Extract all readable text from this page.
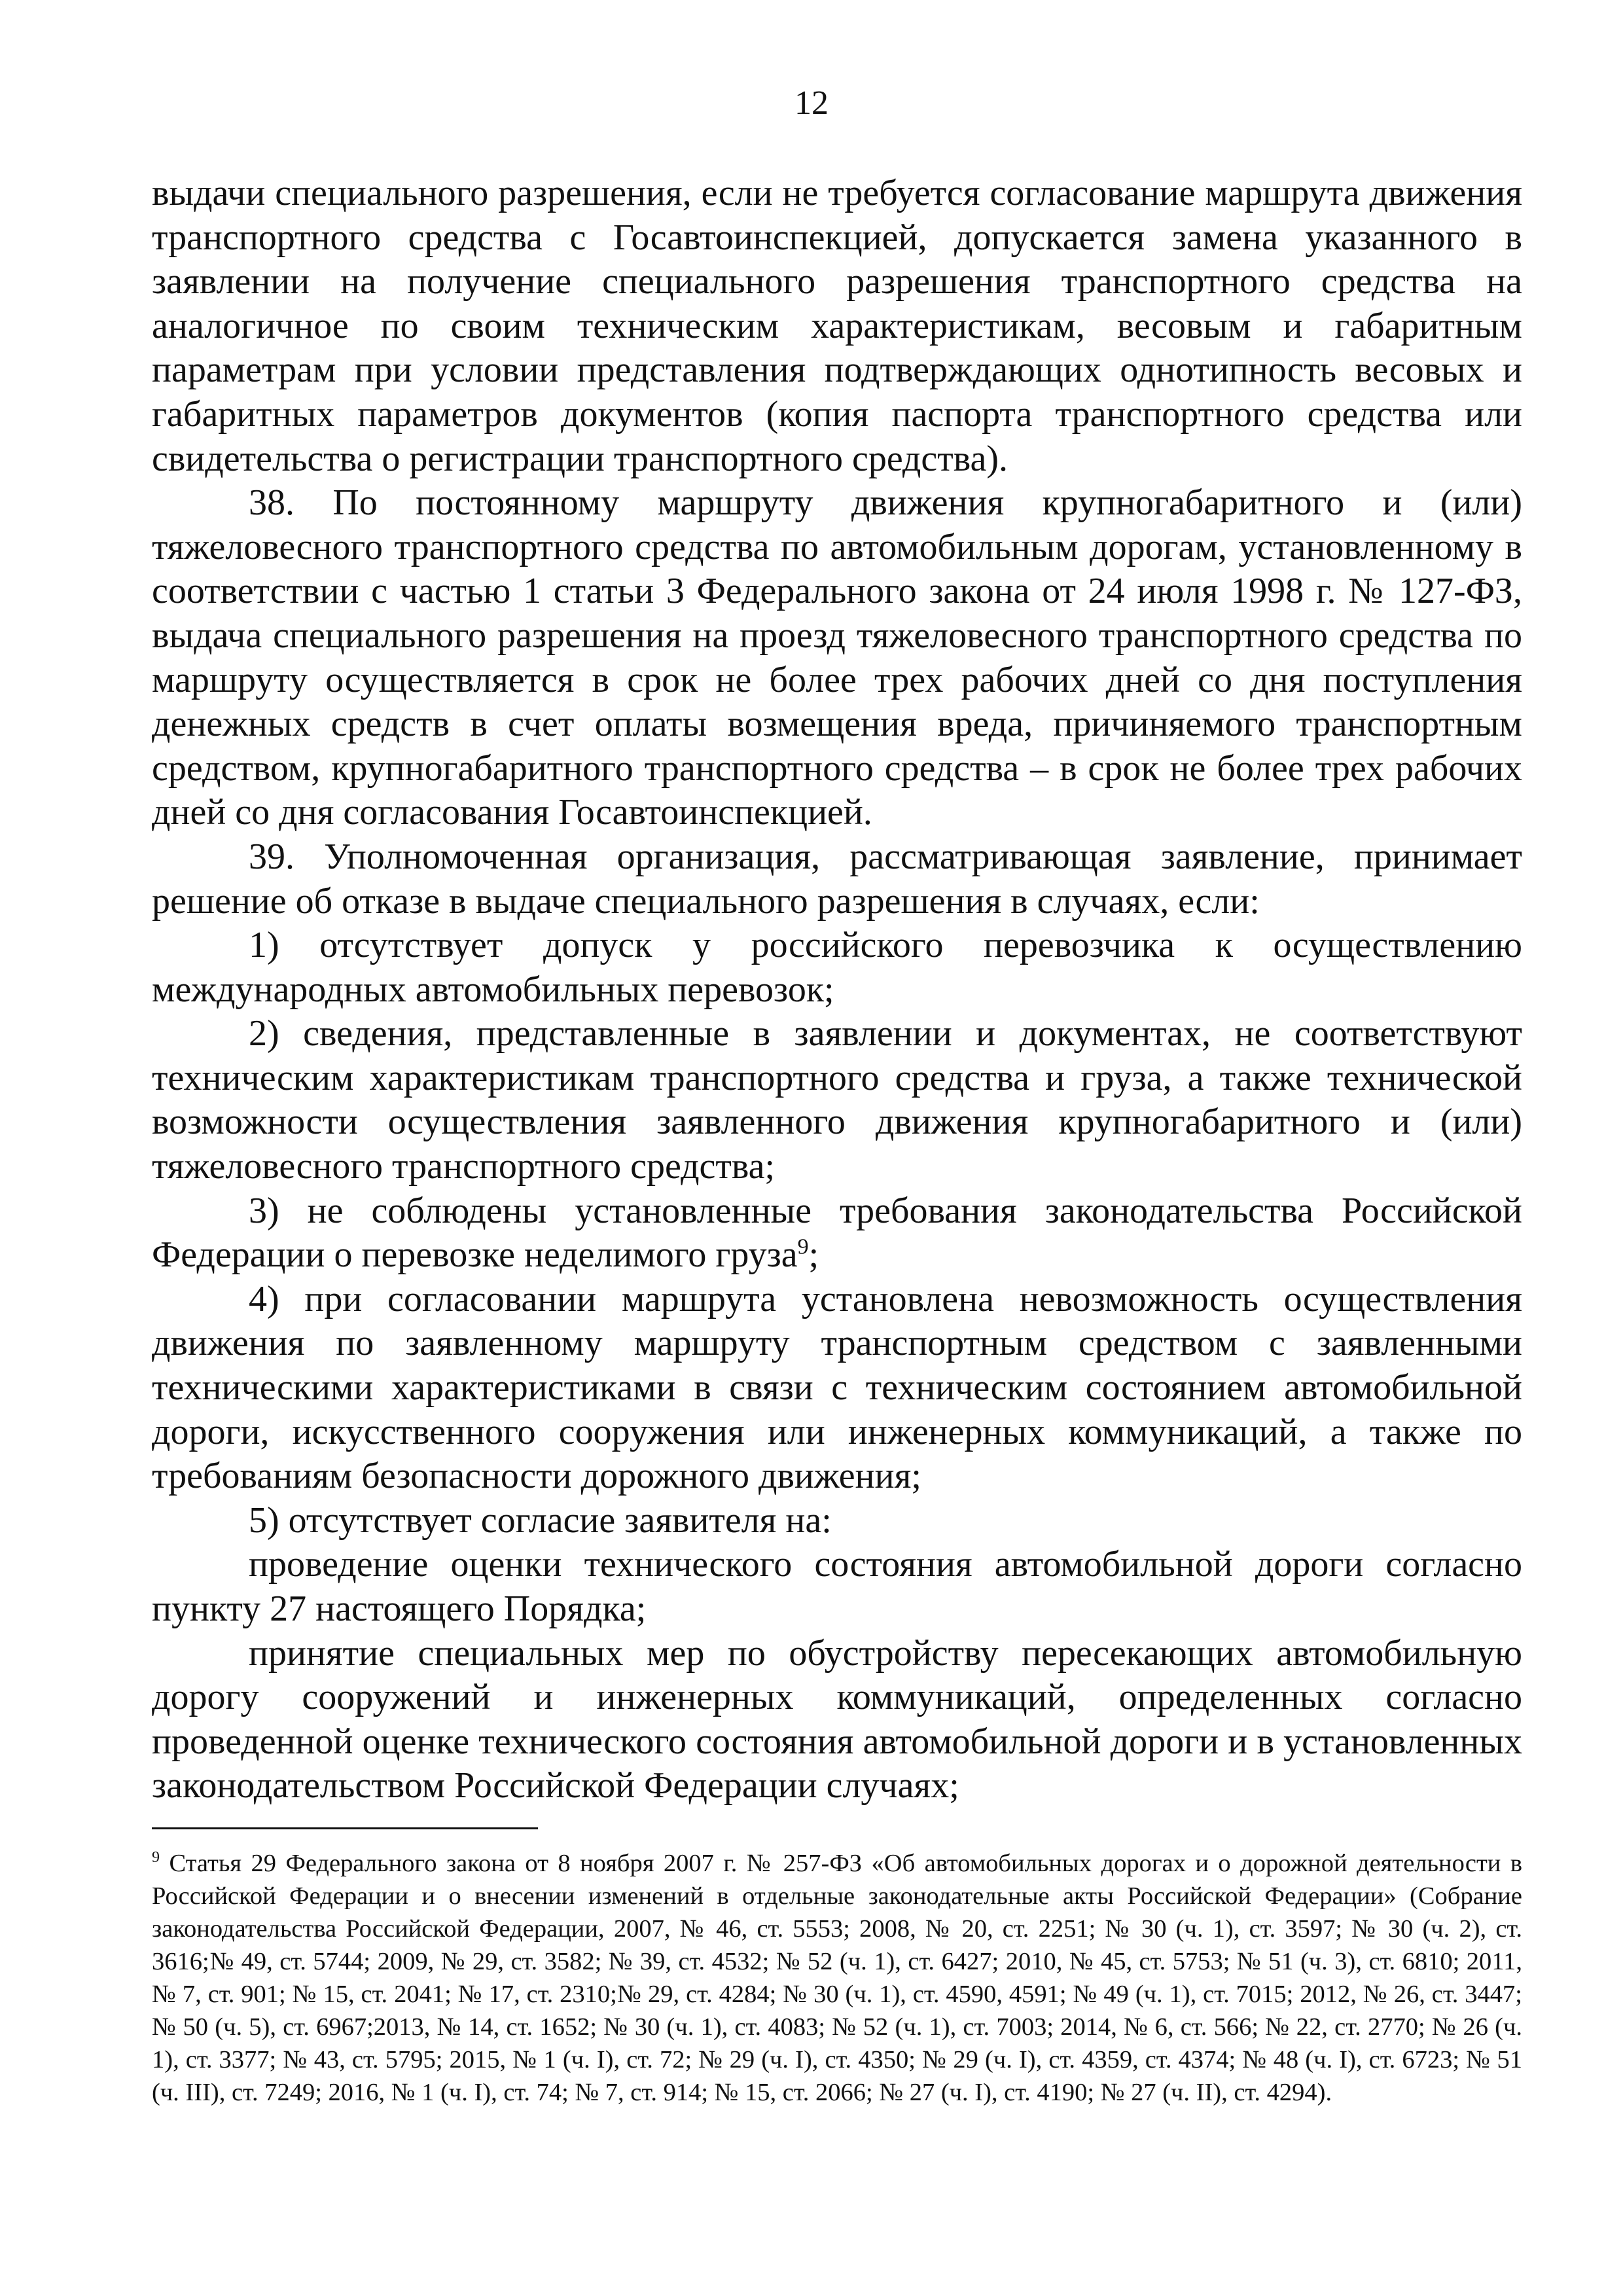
12

выдачи специального разрешения, если не требуется согласование маршрута движения транспортного средства с Госавтоинспекцией, допускается замена указанного в заявлении на получение специального разрешения транспортного средства на аналогичное по своим техническим характеристикам, весовым и габаритным параметрам при условии представления подтверждающих однотипность весовых и габаритных параметров документов (копия паспорта транспортного средства или свидетельства о регистрации транспортного средства).

38. По постоянному маршруту движения крупногабаритного и (или) тяжеловесного транспортного средства по автомобильным дорогам, установленному в соответствии с частью 1 статьи 3 Федерального закона от 24 июля 1998 г. № 127-ФЗ, выдача специального разрешения на проезд тяжеловесного транспортного средства по маршруту осуществляется в срок не более трех рабочих дней со дня поступления денежных средств в счет оплаты возмещения вреда, причиняемого транспортным средством, крупногабаритного транспортного средства – в срок не более трех рабочих дней со дня согласования Госавтоинспекцией.

39. Уполномоченная организация, рассматривающая заявление, принимает решение об отказе в выдаче специального разрешения в случаях, если:

1) отсутствует допуск у российского перевозчика к осуществлению международных автомобильных перевозок;

2) сведения, представленные в заявлении и документах, не соответствуют техническим характеристикам транспортного средства и груза, а также технической возможности осуществления заявленного движения крупногабаритного и (или) тяжеловесного транспортного средства;

3) не соблюдены установленные требования законодательства Российской Федерации о перевозке неделимого груза$^9$;

4) при согласовании маршрута установлена невозможность осуществления движения по заявленному маршруту транспортным средством с заявленными техническими характеристиками в связи с техническим состоянием автомобильной дороги, искусственного сооружения или инженерных коммуникаций, а также по требованиям безопасности дорожного движения;

5) отсутствует согласие заявителя на:

проведение оценки технического состояния автомобильной дороги согласно пункту 27 настоящего Порядка;

принятие специальных мер по обустройству пересекающих автомобильную дорогу сооружений и инженерных коммуникаций, определенных согласно проведенной оценке технического состояния автомобильной дороги и в установленных законодательством Российской Федерации случаях;

$^9$ Статья 29 Федерального закона от 8 ноября 2007 г. № 257-ФЗ «Об автомобильных дорогах и о дорожной деятельности в Российской Федерации и о внесении изменений в отдельные законодательные акты Российской Федерации» (Собрание законодательства Российской Федерации, 2007, № 46, ст. 5553; 2008, № 20, ст. 2251; № 30 (ч. 1), ст. 3597; № 30 (ч. 2), ст. 3616;№ 49, ст. 5744; 2009, № 29, ст. 3582; № 39, ст. 4532; № 52 (ч. 1), ст. 6427; 2010, № 45, ст. 5753; № 51 (ч. 3), ст. 6810; 2011, № 7, ст. 901; № 15, ст. 2041; № 17, ст. 2310;№ 29, ст. 4284; № 30 (ч. 1), ст. 4590, 4591; № 49 (ч. 1), ст. 7015; 2012, № 26, ст. 3447; № 50 (ч. 5), ст. 6967;2013, № 14, ст. 1652; № 30 (ч. 1), ст. 4083; № 52 (ч. 1), ст. 7003; 2014, № 6, ст. 566; № 22, ст. 2770; № 26 (ч. 1), ст. 3377; № 43, ст. 5795; 2015, № 1 (ч. I), ст. 72; № 29 (ч. I), ст. 4350; № 29 (ч. I), ст. 4359, ст. 4374; № 48 (ч. I), ст. 6723; № 51 (ч. III), ст. 7249; 2016, № 1 (ч. I), ст. 74; № 7, ст. 914; № 15, ст. 2066; № 27 (ч. I), ст. 4190; № 27 (ч. II), ст. 4294).
